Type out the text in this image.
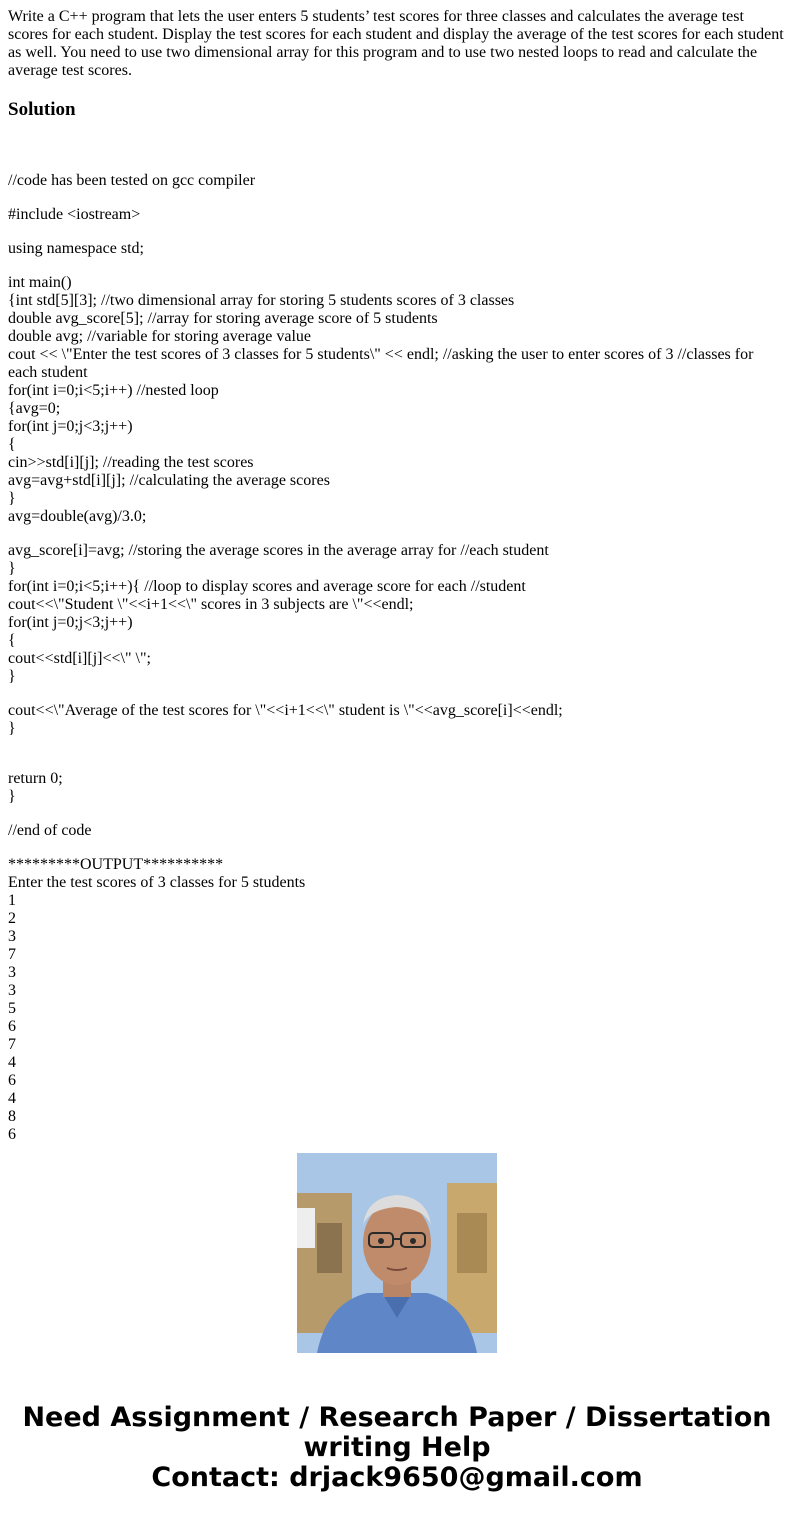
Write a C++ program that lets the user enters 5 students’ test scores for three classes and calculates the average test scores for each student. Display the test scores for each student and display the average of the test scores for each student as well. You need to use two dimensional array for this program and to use two nested loops to read and calculate the average test scores.

Solution
//code has been tested on gcc compiler
#include <iostream>
using namespace std;
int main()
{int std[5][3]; //two dimensional array for storing 5 students scores of 3 classes
double avg_score[5]; //array for storing average score of 5 students
double avg; //variable for storing average value
cout << \"Enter the test scores of 3 classes for 5 students\" << endl; //asking the user to enter scores of 3 //classes for each student
for(int i=0;i<5;i++) //nested loop
{avg=0;
for(int j=0;j<3;j++)
{
cin>>std[i][j]; //reading the test scores
avg=avg+std[i][j]; //calculating the average scores
}
avg=double(avg)/3.0;
avg_score[i]=avg; //storing the average scores in the average array for //each student
}
for(int i=0;i<5;i++){ //loop to display scores and average score for each //student
cout<<\"Student \"<<i+1<<\" scores in 3 subjects are \"<<endl;
for(int j=0;j<3;j++)
{
cout<<std[i][j]<<\" \";
}
cout<<\"Average of the test scores for \"<<i+1<<\" student is \"<<avg_score[i]<<endl;
}
return 0;
}
//end of code
*********OUTPUT**********
Enter the test scores of 3 classes for 5 students
1
2
3
7
3
3
5
6
7
4
6
4
8
6
Need Assignment / Research Paper / Dissertation
writing Help
Contact: drjack9650@gmail.com
